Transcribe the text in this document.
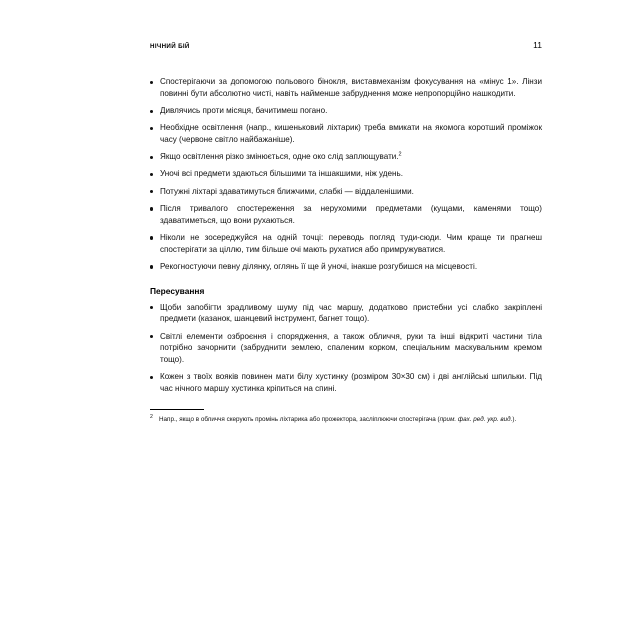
НІЧНИЙ БІЙ	11
Спостерігаючи за допомогою польового бінокля, виставмеханізм фокусування на «мінус 1». Лінзи повинні бути абсолютно чисті, навіть найменше забруднення може непропорційно нашкодити.
Дивлячись проти місяця, бачитимеш погано.
Необхідне освітлення (напр., кишеньковий ліхтарик) треба вмикати на якомога коротший проміжок часу (червоне світло найбажаніше).
Якщо освітлення різко змінюється, одне око слід заплющувати.$^2$
Уночі всі предмети здаються більшими та іншакшими, ніж удень.
Потужні ліхтарі здаватимуться ближчими, слабкі — віддаленішими.
Після тривалого спостереження за нерухомими предметами (кущами, каменями тощо) здаватиметься, що вони рухаються.
Ніколи не зосереджуйся на одній точці: переводь погляд туди-сюди. Чим краще ти прагнеш спостерігати за ціллю, тим більше очі мають рухатися або примружуватися.
Рекогностуючи певну ділянку, оглянь її ще й уночі, інакше розгубишся на місцевості.
Пересування
Щоби запобігти зрадливому шуму під час маршу, додатково пристебни усі слабко закріплені предмети (казанок, шанцевий інструмент, багнет тощо).
Світлі елементи озброєння і спорядження, а також обличчя, руки та інші відкриті частини тіла потрібно зачорнити (забруднити землею, спаленим корком, спеціальним маскувальним кремом тощо).
Кожен з твоїх вояків повинен мати білу хустинку (розміром 30×30 см) і дві англійські шпильки. Під час нічного маршу хустинка кріпиться на спині.
2 Напр., якщо в обличчя скерують промінь ліхтарика або прожектора, засліплюючи спостерігача (прим. фах. ред. укр. вид.).
